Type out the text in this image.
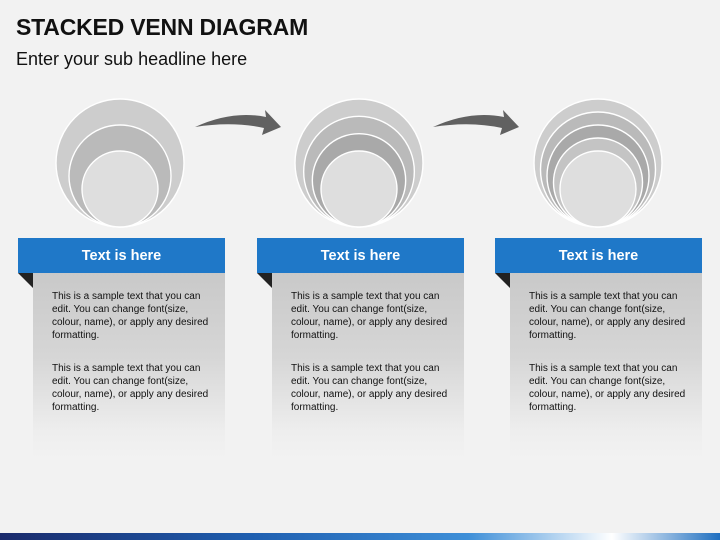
STACKED VENN DIAGRAM
Enter your sub headline here
Text is here
This is a sample text that you can edit. You can change font(size, colour, name), or apply any desired formatting.
This is a sample text that you can edit. You can change font(size, colour, name), or apply any desired formatting.
Text is here
This is a sample text that you can edit. You can change font(size, colour, name), or apply any desired formatting.
This is a sample text that you can edit. You can change font(size, colour, name), or apply any desired formatting.
Text is here
This is a sample text that you can edit. You can change font(size, colour, name), or apply any desired formatting.
This is a sample text that you can edit. You can change font(size, colour, name), or apply any desired formatting.
